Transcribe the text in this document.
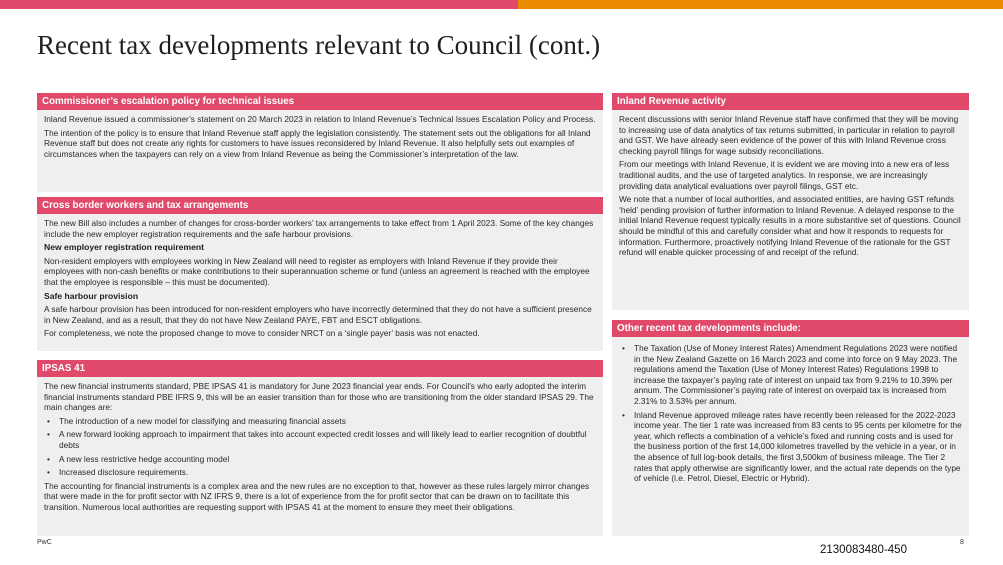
Recent tax developments relevant to Council (cont.)
Commissioner’s escalation policy for technical issues

Inland Revenue issued a commissioner’s statement on 20 March 2023 in relation to Inland Revenue’s Technical Issues Escalation Policy and Process.

The intention of the policy is to ensure that Inland Revenue staff apply the legislation consistently. The statement sets out the obligations for all Inland Revenue staff but does not create any rights for customers to have issues reconsidered by Inland Revenue. It also helpfully sets out examples of circumstances when the taxpayers can rely on a view from Inland Revenue as being the Commissioner’s interpretation of the law.

Cross border workers and tax arrangements

The new Bill also includes a number of changes for cross-border workers’ tax arrangements to take effect from 1 April 2023. Some of the key changes include the new employer registration requirements and the safe harbour provisions.

New employer registration requirement

Non-resident employers with employees working in New Zealand will need to register as employers with Inland Revenue if they provide their employees with non-cash benefits or make contributions to their superannuation scheme or fund (unless an agreement is reached with the employee that the employee is responsible – this must be documented).

Safe harbour provision

A safe harbour provision has been introduced for non-resident employers who have incorrectly determined that they do not have a sufficient presence in New Zealand, and as a result, that they do not have New Zealand PAYE, FBT and ESCT obligations.

For completeness, we note the proposed change to move to consider NRCT on a ‘single payer’ basis was not enacted.

IPSAS 41

The new financial instruments standard, PBE IPSAS 41 is mandatory for June 2023 financial year ends. For Council's who early adopted the interim financial instruments standard PBE IFRS 9, this will be an easier transition than for those who are transitioning from the older standard IPSAS 29. The main changes are:

• The introduction of a new model for classifying and measuring financial assets
• A new forward looking approach to impairment that takes into account expected credit losses and will likely lead to earlier recognition of doubtful debts
• A new less restrictive hedge accounting model
• Increased disclosure requirements.

The accounting for financial instruments is a complex area and the new rules are no exception to that, however as these rules largely mirror changes that were made in the for profit sector with NZ IFRS 9, there is a lot of experience from the for profit sector that can be drawn on to facilitate this transition. Numerous local authorities are requesting support with IPSAS 41 at the moment to ensure they meet their obligations.

Inland Revenue activity

Recent discussions with senior Inland Revenue staff have confirmed that they will be moving to increasing use of data analytics of tax returns submitted, in particular in relation to payroll and GST. We have already seen evidence of the power of this with Inland Revenue cross checking payroll filings for wage subsidy reconciliations.

From our meetings with Inland Revenue, it is evident we are moving into a new era of less traditional audits, and the use of targeted analytics. In response, we are increasingly providing data analytical evaluations over payroll filings, GST etc.

We note that a number of local authorities, and associated entities, are having GST refunds ‘held’ pending provision of further information to Inland Revenue. A delayed response to the initial Inland Revenue request typically results in a more substantive set of questions. Council should be mindful of this and carefully consider what and how it responds to requests for information. Furthermore, proactively notifying Inland Revenue of the rationale for the GST refund will enable quicker processing of and receipt of the refund.

Other recent tax developments include:
• The Taxation (Use of Money Interest Rates) Amendment Regulations 2023 were notified in the New Zealand Gazette on 16 March 2023 and come into force on 9 May 2023. The regulations amend the Taxation (Use of Money Interest Rates) Regulations 1998 to increase the taxpayer’s paying rate of interest on unpaid tax from 9.21% to 10.39% per annum. The Commissioner’s paying rate of interest on overpaid tax is increased from 2.31% to 3.53% per annum.
• Inland Revenue approved mileage rates have recently been released for the 2022-2023 income year. The tier 1 rate was increased from 83 cents to 95 cents per kilometre for the year, which reflects a combination of a vehicle’s fixed and running costs and is used for the business portion of the first 14,000 kilometres travelled by the vehicle in a year, or in the absence of full log-book details, the first 3,500km of business mileage. The Tier 2 rates that apply otherwise are significantly lower, and the actual rate depends on the type of vehicle (i.e. Petrol, Diesel, Electric or Hybrid).
PwC	8
2130083480-450
